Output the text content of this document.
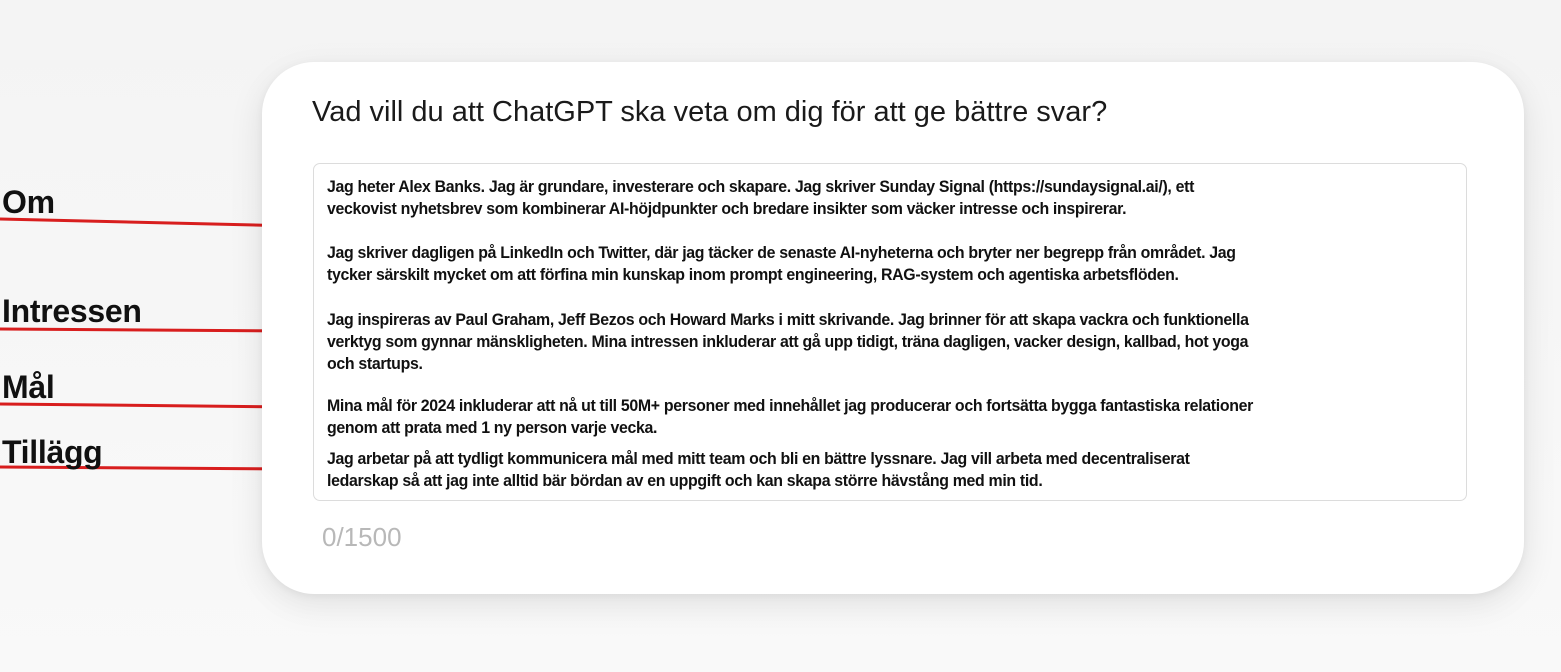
Om
Intressen
Mål
Tillägg
Vad vill du att ChatGPT ska veta om dig för att ge bättre svar?

Jag heter Alex Banks. Jag är grundare, investerare och skapare. Jag skriver Sunday Signal (https://sundaysignal.ai/), ett
veckovist nyhetsbrev som kombinerar AI-höjdpunkter och bredare insikter som väcker intresse och inspirerar.

Jag skriver dagligen på LinkedIn och Twitter, där jag täcker de senaste AI-nyheterna och bryter ner begrepp från området. Jag
tycker särskilt mycket om att förfina min kunskap inom prompt engineering, RAG-system och agentiska arbetsflöden.

Jag inspireras av Paul Graham, Jeff Bezos och Howard Marks i mitt skrivande. Jag brinner för att skapa vackra och funktionella
verktyg som gynnar mänskligheten. Mina intressen inkluderar att gå upp tidigt, träna dagligen, vacker design, kallbad, hot yoga
och startups.

Mina mål för 2024 inkluderar att nå ut till 50M+ personer med innehållet jag producerar och fortsätta bygga fantastiska relationer
genom att prata med 1 ny person varje vecka.

Jag arbetar på att tydligt kommunicera mål med mitt team och bli en bättre lyssnare. Jag vill arbeta med decentraliserat
ledarskap så att jag inte alltid bär bördan av en uppgift och kan skapa större hävstång med min tid.

0/1500
